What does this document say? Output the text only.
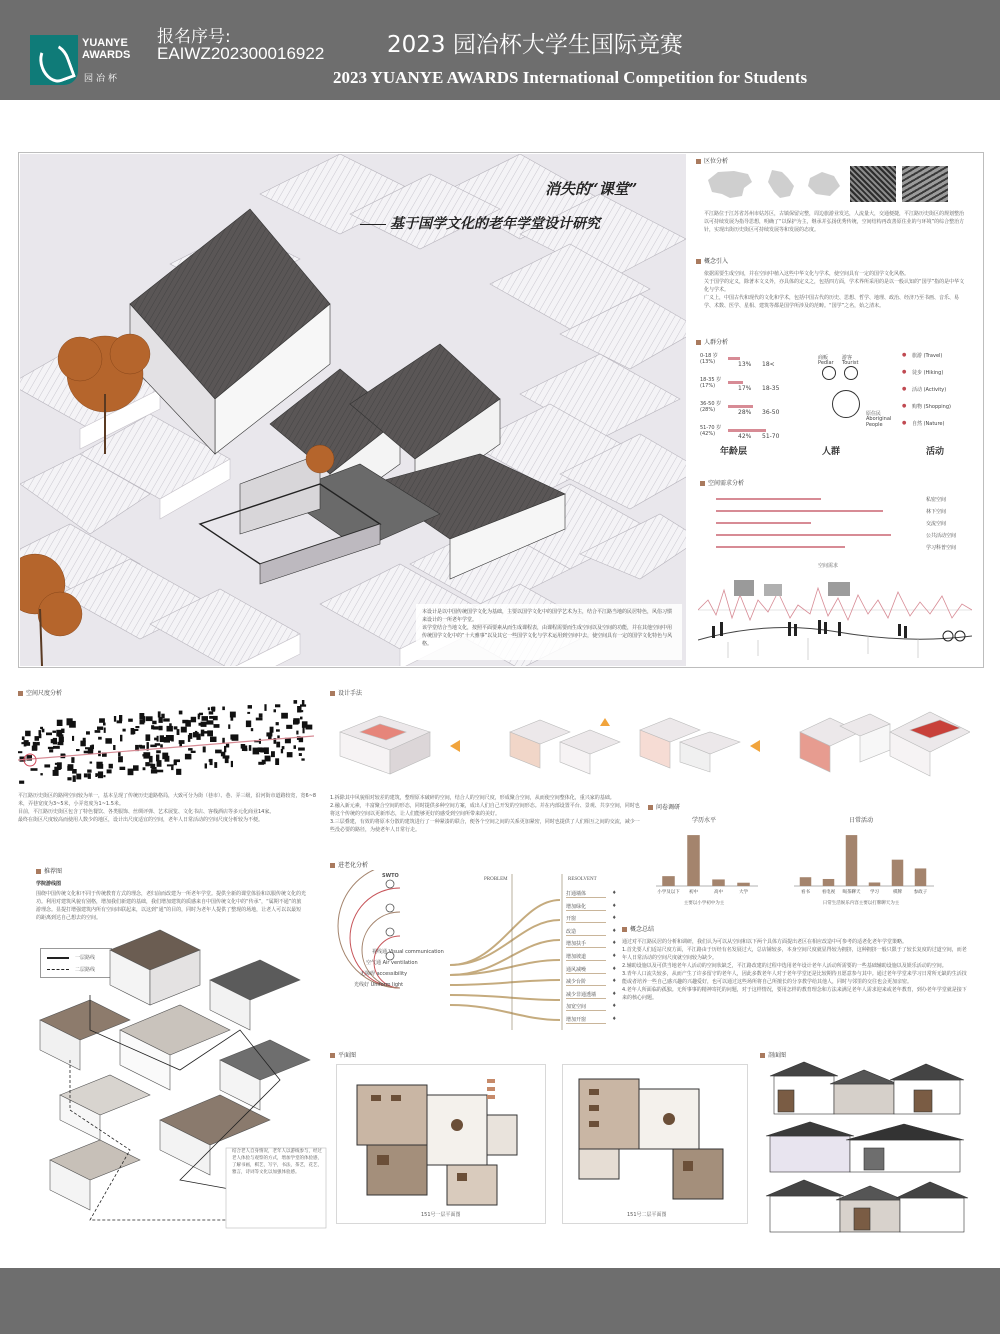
YUANYE
AWARDS
园冶杯
报名序号:
EAIWZ202300016922	2023 园冶杯大学生国际竞赛
2023 YUANYE AWARDS International Competition for Students
消失的“课堂”
基于国学文化的老年学堂设计研究
本设计是以中国传统国学文化为基础，主要以国学文化中的国学艺术为主，结合平江路当地的民居特色，风俗习惯来设计的一所老年学堂。
该学堂结合当地文化，按照平面要素从而生成课程表，由课程需要而生成空间以及空间的功能，并在其他空间中用传统国学文化中的“十大雅事”以及其它一些国学文化与学术运用到空间中去，使空间具有一定的国学文化特色与风格。
区位分析
平江路位于江苏省苏州市姑苏区，古镇保留完整，周边旅游业发达，人流量大，交通便捷，平江路历史街区的规划整治以可持续发展为指导思想，明确了“以保护为主，继承并弘扬优秀传统，空间结构再改善原住业的与环境”的综合整治方针，实现出街历史街区可持续发展等和发展的态度。
概念引入
依据需要生成空间，并在空间中植入这些中华文化与学术，使空间具有一定的国学文化风格。
关于国学的定义，除著本文义外，亦具体的定义之，包括四方面，学术界所采用的是以一般认知的“国学”指的是中华文化与学术。
广义上，中国古代和现代的文化和学术，包括中国古代的历史、思想、哲学、地理、政治、经济乃至书画、音乐、易学、术数、医学、星相、建筑等都是国学所涉及的范畴。“国学”之名，始之清末。
人群分析
年龄层	人群	活动
空间需求分析
空间需求
空间尺度分析
平江路历史街区的路网空间较为单一，基本呈现了传统历史道路格局，大致可分为街（巷市）、巷、弄三级，沿河街市道路较宽，宽6~8米，弄巷宽度为3~5米，小弄宽度为1~1.5米。
目前，平江路历史街区包含了特色餐饮、各类服饰、丝绸评弹、艺术展览、文化书店、客栈酒店等多元化商业14家。
最终在街区尺度较高而使用人数少的地区，设计出尺度适宜的空间，老年人日常活动的空间尺度分析较为不便。
推荐图
学院游线图
围绕中国传统文化和不同于传统教育方式的理念，老归前而改建为一所老年学堂。提供全新的课堂体验和以服传统文化的光功。利用对建筑风貌有别格，增加我们新建的基础，我们增加建筑的质感来自中国传统文化中的“传承”，“属期不通”的旅游理念。显提打增强建筑内所有空间串联起来，以这到“通”的目的，同时为老年人提供了整现的场地，让老人可以以最短的距离到达自己想去的空间。
一层路线
二层路线
结合老人自身情况，老年人以游线参与，经过老人体验与观察的方式，增加学堂的体验感，了解书画，棋艺，写字，书法，茶艺，花艺，雅言，诗词等文化以加强体验感。
设计手法
1.拆除其中风貌相对较差的建筑，整理原本破碎的空间，结合人的空间尺度，形成聚合空间，从而使空间整体化，重兴家的基础。
2.融入新元素，丰富聚合空间的形态，同时提供多种空间方案，成出人们自己开发的空间形态。并在内部设置平台、景观、共享空间，同时也将这个传统的空间以更新形态，让人们能够更好的感受到空间所带来的美好。
3.三层叠建，有效的将原本分散的建筑进行了一种紧凑的联合，便各个空间之间的关系更加紧密，同时也提供了人们相互之间的交流，减少一些没必要的路径，为使老年人日常行走。
问卷调研
学历水平
小学及以下 初中	高中	大学
主要以小学初中为主
日常活动
看书	看电视 喝茶聊天 学习	棋牌	参政子
日常生活娱乐内容主要以打牌聊天为主
进老化分析
SWTO
PROBLEM	RESOLVENT
概念总结
通过对平江路民居的分析和调研，我们认为可以从空间和以下两个具体方面提出老区在相应改造中可参考的适老化老年学堂策略。
1.首先要人们适站尺度方面，平江路由于历经有名发展过大，总店铺较多，本身空间尺度就显得较为拥挤，这种拥挤一般只限于了较长复度的过道空间，而老年人日常活动的空间尺度就空间较为缺少。
2.辅助设施以及可供当地老年人活动的空间状缺乏，平江路改建的过程中选用老年设计老年人活动所需要的一些基础辅助设施以及娱乐活动的空间。
3.青年人口流失较多，从而产生了许多留守的老年人，因此多数老年人对于老年学堂还是比较期待且愿意参与其中。通过老年学堂来学习日常所无缺的生活技能或者培养一些自己感兴趣的兴趣爱好，也可以通过这些场所将自己所擅长的分享教学给其他人，同时与邻里的交往也会更加亲密。
4.老年人所面临的孤独。无所事事的精神寄托的问题，对于这样情况，要用怎样的教育理念和方法来满足老年人需求迎来或老年教育，到办老年学堂就是接下来的核心问题。
平面图
151号一层平面图	151号二层平面图
剖面图
0-18 岁
(13%)	13% 18<
18-35 岁
(17%)	17% 18-35
36-50 岁
(28%)	28% 36-50
51-70 岁
(42%)	42% 51-70
商贩
Pedlar
游客
Tourist
原住民
Aboriginal People
● 旅游 (Travel)
● 徒步 (Hiking)
● 活动 (Activity)
● 购物 (Shopping)
● 自然 (Nature)
私密空间
林下空间
交流空间
公共活动空间
学习科普空间
视线通 Visual communication
空气通 Air ventilation
无障碍 accessibility
光线好 Uniform light
打通墙体	♦
增加绿化	♦
开窗	♦
改造	♦
增加扶手	♦
增加坡道	♦
通风减噪	♦
减少台阶	♦
减少非通透墙	♦
加宽空间	♦
增加开窗	♦
